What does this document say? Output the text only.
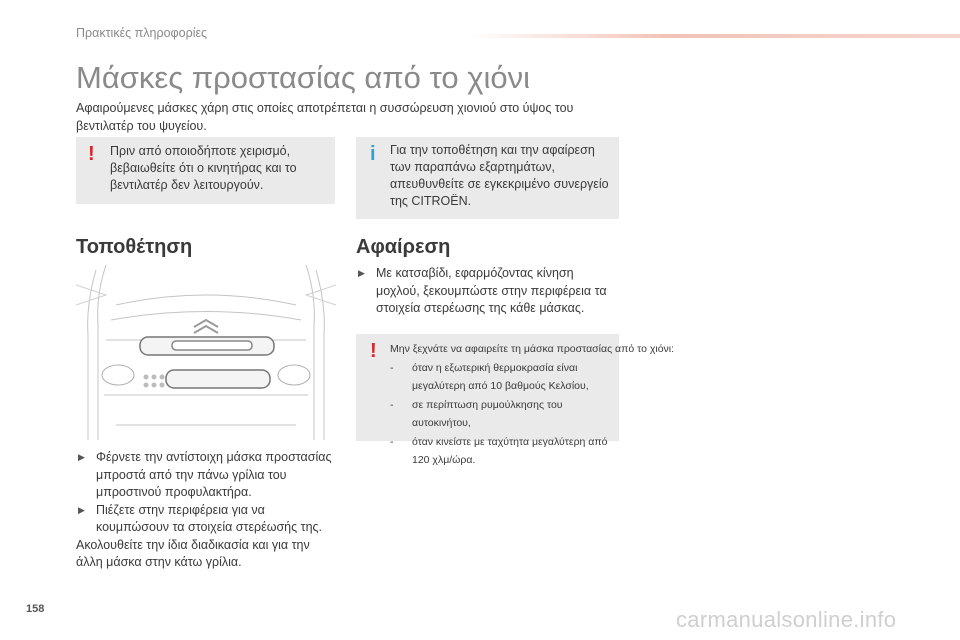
Πρακτικές πληροφορίες
Μάσκες προστασίας από το χιόνι
Αφαιρούμενες μάσκες χάρη στις οποίες αποτρέπεται η συσσώρευση χιονιού στο ύψος του βεντιλατέρ του ψυγείου.
! Πριν από οποιοδήποτε χειρισμό,
βεβαιωθείτε ότι ο κινητήρας και το
βεντιλατέρ δεν λειτουργούν.
i Για την τοποθέτηση και την αφαίρεση
των παραπάνω εξαρτημάτων,
απευθυνθείτε σε εγκεκριμένο συνεργείο
της CITROËN.
Τοποθέτηση	Αφαίρεση
▶ Φέρνετε την αντίστοιχη μάσκα προστασίας
μπροστά από την πάνω γρίλια του
μπροστινού προφυλακτήρα.
▶ Πιέζετε στην περιφέρεια για να
κουμπώσουν τα στοιχεία στερέωσής της.
Ακολουθείτε την ίδια διαδικασία και για την
άλλη μάσκα στην κάτω γρίλια.
▶ Με κατσαβίδι, εφαρμόζοντας κίνηση
μοχλού, ξεκουμπώστε στην περιφέρεια τα
στοιχεία στερέωσης της κάθε μάσκας.
! Μην ξεχνάτε να αφαιρείτε τη μάσκα προστασίας από το χιόνι:
- όταν η εξωτερική θερμοκρασία είναι
μεγαλύτερη από 10 βαθμούς Κελσίου,
- σε περίπτωση ρυμούλκησης του αυτοκινήτου,
- όταν κινείστε με ταχύτητα μεγαλύτερη από
120 χλμ/ώρα.
158	carmanualsonline.info
